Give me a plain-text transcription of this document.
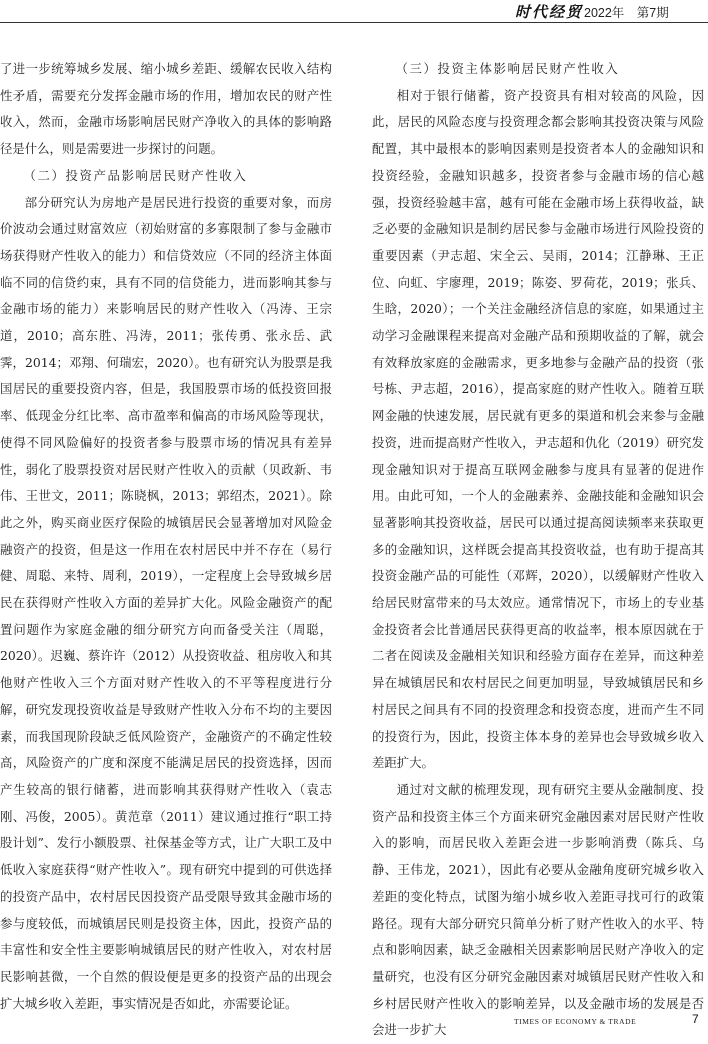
时代经贸 2022年　第7期

了进一步统筹城乡发展、缩小城乡差距、缓解农民收入结构性矛盾，需要充分发挥金融市场的作用，增加农民的财产性收入，然而，金融市场影响居民财产净收入的具体的影响路径是什么，则是需要进一步探讨的问题。

（二）投资产品影响居民财产性收入

部分研究认为房地产是居民进行投资的重要对象，而房价波动会通过财富效应（初始财富的多寡限制了参与金融市场获得财产性收入的能力）和信贷效应（不同的经济主体面临不同的信贷约束，具有不同的信贷能力，进而影响其参与金融市场的能力）来影响居民的财产性收入（冯涛、王宗道，2010；高东胜、冯涛，2011；张传勇、张永岳、武霁，2014；邓翔、何瑞宏，2020）。也有研究认为股票是我国居民的重要投资内容，但是，我国股票市场的低投资回报率、低现金分红比率、高市盈率和偏高的市场风险等现状，使得不同风险偏好的投资者参与股票市场的情况具有差异性，弱化了股票投资对居民财产性收入的贡献（贝政新、韦伟、王世文，2011；陈晓枫，2013；郭绍杰，2021）。除此之外，购买商业医疗保险的城镇居民会显著增加对风险金融资产的投资，但是这一作用在农村居民中并不存在（易行健、周聪、来特、周利，2019），一定程度上会导致城乡居民在获得财产性收入方面的差异扩大化。风险金融资产的配置问题作为家庭金融的细分研究方向而备受关注（周聪，2020）。迟巍、蔡许许（2012）从投资收益、租房收入和其他财产性收入三个方面对财产性收入的不平等程度进行分解，研究发现投资收益是导致财产性收入分布不均的主要因素，而我国现阶段缺乏低风险资产，金融资产的不确定性较高，风险资产的广度和深度不能满足居民的投资选择，因而产生较高的银行储蓄，进而影响其获得财产性收入（袁志刚、冯俊，2005）。黄范章（2011）建议通过推行“职工持股计划”、发行小额股票、社保基金等方式，让广大职工及中低收入家庭获得“财产性收入”。现有研究中提到的可供选择的投资产品中，农村居民因投资产品受限导致其金融市场的参与度较低，而城镇居民则是投资主体，因此，投资产品的丰富性和安全性主要影响城镇居民的财产性收入，对农村居民影响甚微，一个自然的假设便是更多的投资产品的出现会扩大城乡收入差距，事实情况是否如此，亦需要论证。

（三）投资主体影响居民财产性收入

相对于银行储蓄，资产投资具有相对较高的风险，因此，居民的风险态度与投资理念都会影响其投资决策与风险配置，其中最根本的影响因素则是投资者本人的金融知识和投资经验，金融知识越多，投资者参与金融市场的信心越强，投资经验越丰富，越有可能在金融市场上获得收益，缺乏必要的金融知识是制约居民参与金融市场进行风险投资的重要因素（尹志超、宋全云、吴雨，2014；江静琳、王正位、向虹、宇廖理，2019；陈姿、罗荷花，2019；张兵、生晗，2020）；一个关注金融经济信息的家庭，如果通过主动学习金融课程来提高对金融产品和预期收益的了解，就会有效释放家庭的金融需求，更多地参与金融产品的投资（张号栋、尹志超，2016），提高家庭的财产性收入。随着互联网金融的快速发展，居民就有更多的渠道和机会来参与金融投资，进而提高财产性收入，尹志超和仇化（2019）研究发现金融知识对于提高互联网金融参与度具有显著的促进作用。由此可知，一个人的金融素养、金融技能和金融知识会显著影响其投资收益，居民可以通过提高阅读频率来获取更多的金融知识，这样既会提高其投资收益，也有助于提高其投资金融产品的可能性（邓辉，2020），以缓解财产性收入给居民财富带来的马太效应。通常情况下，市场上的专业基金投资者会比普通居民获得更高的收益率，根本原因就在于二者在阅读及金融相关知识和经验方面存在差异，而这种差异在城镇居民和农村居民之间更加明显，导致城镇居民和乡村居民之间具有不同的投资理念和投资态度，进而产生不同的投资行为，因此，投资主体本身的差异也会导致城乡收入差距扩大。

通过对文献的梳理发现，现有研究主要从金融制度、投资产品和投资主体三个方面来研究金融因素对居民财产性收入的影响，而居民收入差距会进一步影响消费（陈兵、乌静、王伟龙，2021），因此有必要从金融角度研究城乡收入差距的变化特点，试图为缩小城乡收入差距寻找可行的政策路径。现有大部分研究只简单分析了财产性收入的水平、特点和影响因素，缺乏金融相关因素影响居民财产净收入的定量研究，也没有区分研究金融因素对城镇居民财产性收入和乡村居民财产性收入的影响差异，以及金融市场的发展是否会进一步扩大

TIMES OF ECONOMY & TRADE	7
